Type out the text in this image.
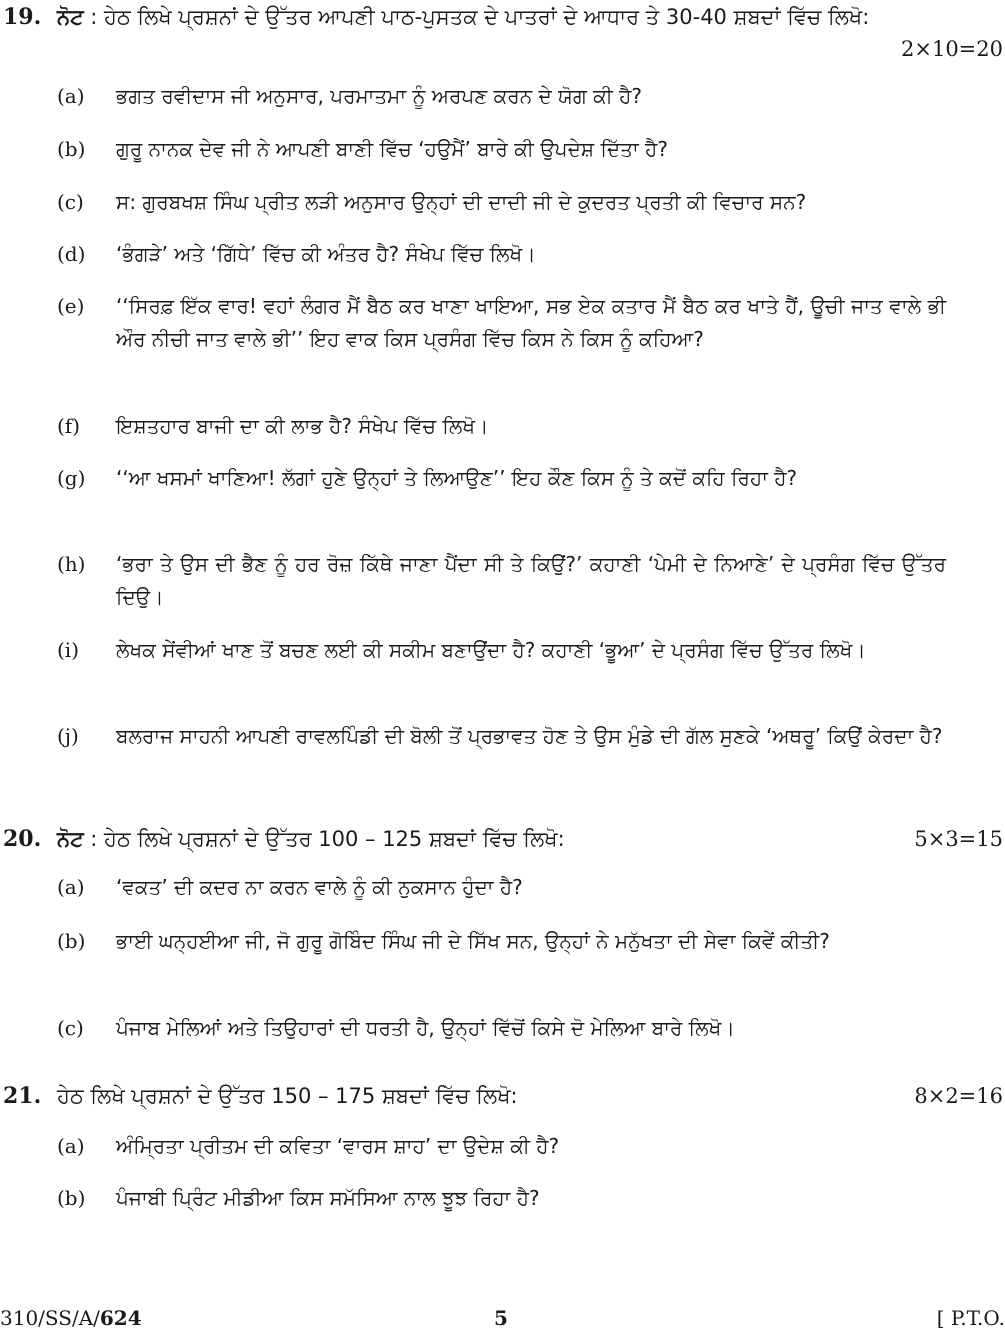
19. ਨੋਟ : ਹੇਠ ਲਿਖੇ ਪ੍ਰਸ਼ਨਾਂ ਦੇ ਉੱਤਰ ਆਪਣੀ ਪਾਠ-ਪੁਸਤਕ ਦੇ ਪਾਤਰਾਂ ਦੇ ਆਧਾਰ ਤੇ 30-40 ਸ਼ਬਦਾਂ ਵਿੱਚ ਲਿਖੋ:
2×10=20
(a) ਭਗਤ ਰਵੀਦਾਸ ਜੀ ਅਨੁਸਾਰ, ਪਰਮਾਤਮਾ ਨੂੰ ਅਰਪਣ ਕਰਨ ਦੇ ਯੋਗ ਕੀ ਹੈ?
(b) ਗੁਰੂ ਨਾਨਕ ਦੇਵ ਜੀ ਨੇ ਆਪਣੀ ਬਾਣੀ ਵਿੱਚ ‘ਹਉਮੈਂ’ ਬਾਰੇ ਕੀ ਉਪਦੇਸ਼ ਦਿੱਤਾ ਹੈ?
(c) ਸ: ਗੁਰਬਖਸ਼ ਸਿੰਘ ਪ੍ਰੀਤ ਲੜੀ ਅਨੁਸਾਰ ਉਨ੍ਹਾਂ ਦੀ ਦਾਦੀ ਜੀ ਦੇ ਕੁਦਰਤ ਪ੍ਰਤੀ ਕੀ ਵਿਚਾਰ ਸਨ?
(d) ‘ਭੰਗੜੇ’ ਅਤੇ ‘ਗਿੱਧੇ’ ਵਿੱਚ ਕੀ ਅੰਤਰ ਹੈ? ਸੰਖੇਪ ਵਿੱਚ ਲਿਖੋ।
(e) ‘‘ਸਿਰਫ਼ ਇੱਕ ਵਾਰ! ਵਹਾਂ ਲੰਗਰ ਮੈਂ ਬੈਠ ਕਰ ਖਾਣਾ ਖਾਇਆ, ਸਭ ਏਕ ਕਤਾਰ ਮੈਂ ਬੈਠ ਕਰ ਖਾਤੇ ਹੈਂ, ਊਚੀ ਜਾਤ ਵਾਲੇ ਭੀ ਔਰ ਨੀਚੀ ਜਾਤ ਵਾਲੇ ਭੀ’’ ਇਹ ਵਾਕ ਕਿਸ ਪ੍ਰਸੰਗ ਵਿੱਚ ਕਿਸ ਨੇ ਕਿਸ ਨੂੰ ਕਹਿਆ?
(f) ਇਸ਼ਤਹਾਰ ਬਾਜੀ ਦਾ ਕੀ ਲਾਭ ਹੈ? ਸੰਖੇਪ ਵਿੱਚ ਲਿਖੋ।
(g) ‘‘ਆ ਖਸਮਾਂ ਖਾਣਿਆ! ਲੱਗਾਂ ਹੁਣੇ ਉਨ੍ਹਾਂ ਤੇ ਲਿਆਉਣ’’ ਇਹ ਕੌਣ ਕਿਸ ਨੂੰ ਤੇ ਕਦੋਂ ਕਹਿ ਰਿਹਾ ਹੈ?
(h) ‘ਭਰਾ ਤੇ ਉਸ ਦੀ ਭੈਣ ਨੂੰ ਹਰ ਰੋਜ਼ ਕਿੱਥੇ ਜਾਣਾ ਪੈਂਦਾ ਸੀ ਤੇ ਕਿਉਂ?’ ਕਹਾਣੀ ‘ਪੇਮੀ ਦੇ ਨਿਆਣੇ’ ਦੇ ਪ੍ਰਸੰਗ ਵਿੱਚ ਉੱਤਰ ਦਿਉ।
(i) ਲੇਖਕ ਸੇਂਵੀਆਂ ਖਾਣ ਤੋਂ ਬਚਣ ਲਈ ਕੀ ਸਕੀਮ ਬਣਾਉਂਦਾ ਹੈ? ਕਹਾਣੀ ‘ਭੂਆ’ ਦੇ ਪ੍ਰਸੰਗ ਵਿੱਚ ਉੱਤਰ ਲਿਖੋ।
(j) ਬਲਰਾਜ ਸਾਹਨੀ ਆਪਣੀ ਰਾਵਲਪਿੰਡੀ ਦੀ ਬੋਲੀ ਤੋਂ ਪ੍ਰਭਾਵਤ ਹੋਣ ਤੇ ਉਸ ਮੁੰਡੇ ਦੀ ਗੱਲ ਸੁਣਕੇ ‘ਅਥਰੂ’ ਕਿਉਂ ਕੇਰਦਾ ਹੈ?
20. ਨੋਟ : ਹੇਠ ਲਿਖੇ ਪ੍ਰਸ਼ਨਾਂ ਦੇ ਉੱਤਰ 100 – 125 ਸ਼ਬਦਾਂ ਵਿੱਚ ਲਿਖੋ:	5×3=15
(a) ‘ਵਕਤ’ ਦੀ ਕਦਰ ਨਾ ਕਰਨ ਵਾਲੇ ਨੂੰ ਕੀ ਨੁਕਸਾਨ ਹੁੰਦਾ ਹੈ?
(b) ਭਾਈ ਘਨ੍ਹਈਆ ਜੀ, ਜੋ ਗੁਰੂ ਗੋਬਿੰਦ ਸਿੰਘ ਜੀ ਦੇ ਸਿੱਖ ਸਨ, ਉਨ੍ਹਾਂ ਨੇ ਮਨੁੱਖਤਾ ਦੀ ਸੇਵਾ ਕਿਵੇਂ ਕੀਤੀ?
(c) ਪੰਜਾਬ ਮੇਲਿਆਂ ਅਤੇ ਤਿਉਹਾਰਾਂ ਦੀ ਧਰਤੀ ਹੈ, ਉਨ੍ਹਾਂ ਵਿੱਚੋਂ ਕਿਸੇ ਦੋ ਮੇਲਿਆ ਬਾਰੇ ਲਿਖੋ।
21. ਹੇਠ ਲਿਖੇ ਪ੍ਰਸ਼ਨਾਂ ਦੇ ਉੱਤਰ 150 – 175 ਸ਼ਬਦਾਂ ਵਿੱਚ ਲਿਖੋ:	8×2=16
(a) ਅੰਮ੍ਰਿਤਾ ਪ੍ਰੀਤਮ ਦੀ ਕਵਿਤਾ ‘ਵਾਰਸ ਸ਼ਾਹ’ ਦਾ ਉਦੇਸ਼ ਕੀ ਹੈ?
(b) ਪੰਜਾਬੀ ਪ੍ਰਿੰਟ ਮੀਡੀਆ ਕਿਸ ਸਮੱਸਿਆ ਨਾਲ ਝੂਝ ਰਿਹਾ ਹੈ?
310/SS/A/624	5	[ P.T.O.
